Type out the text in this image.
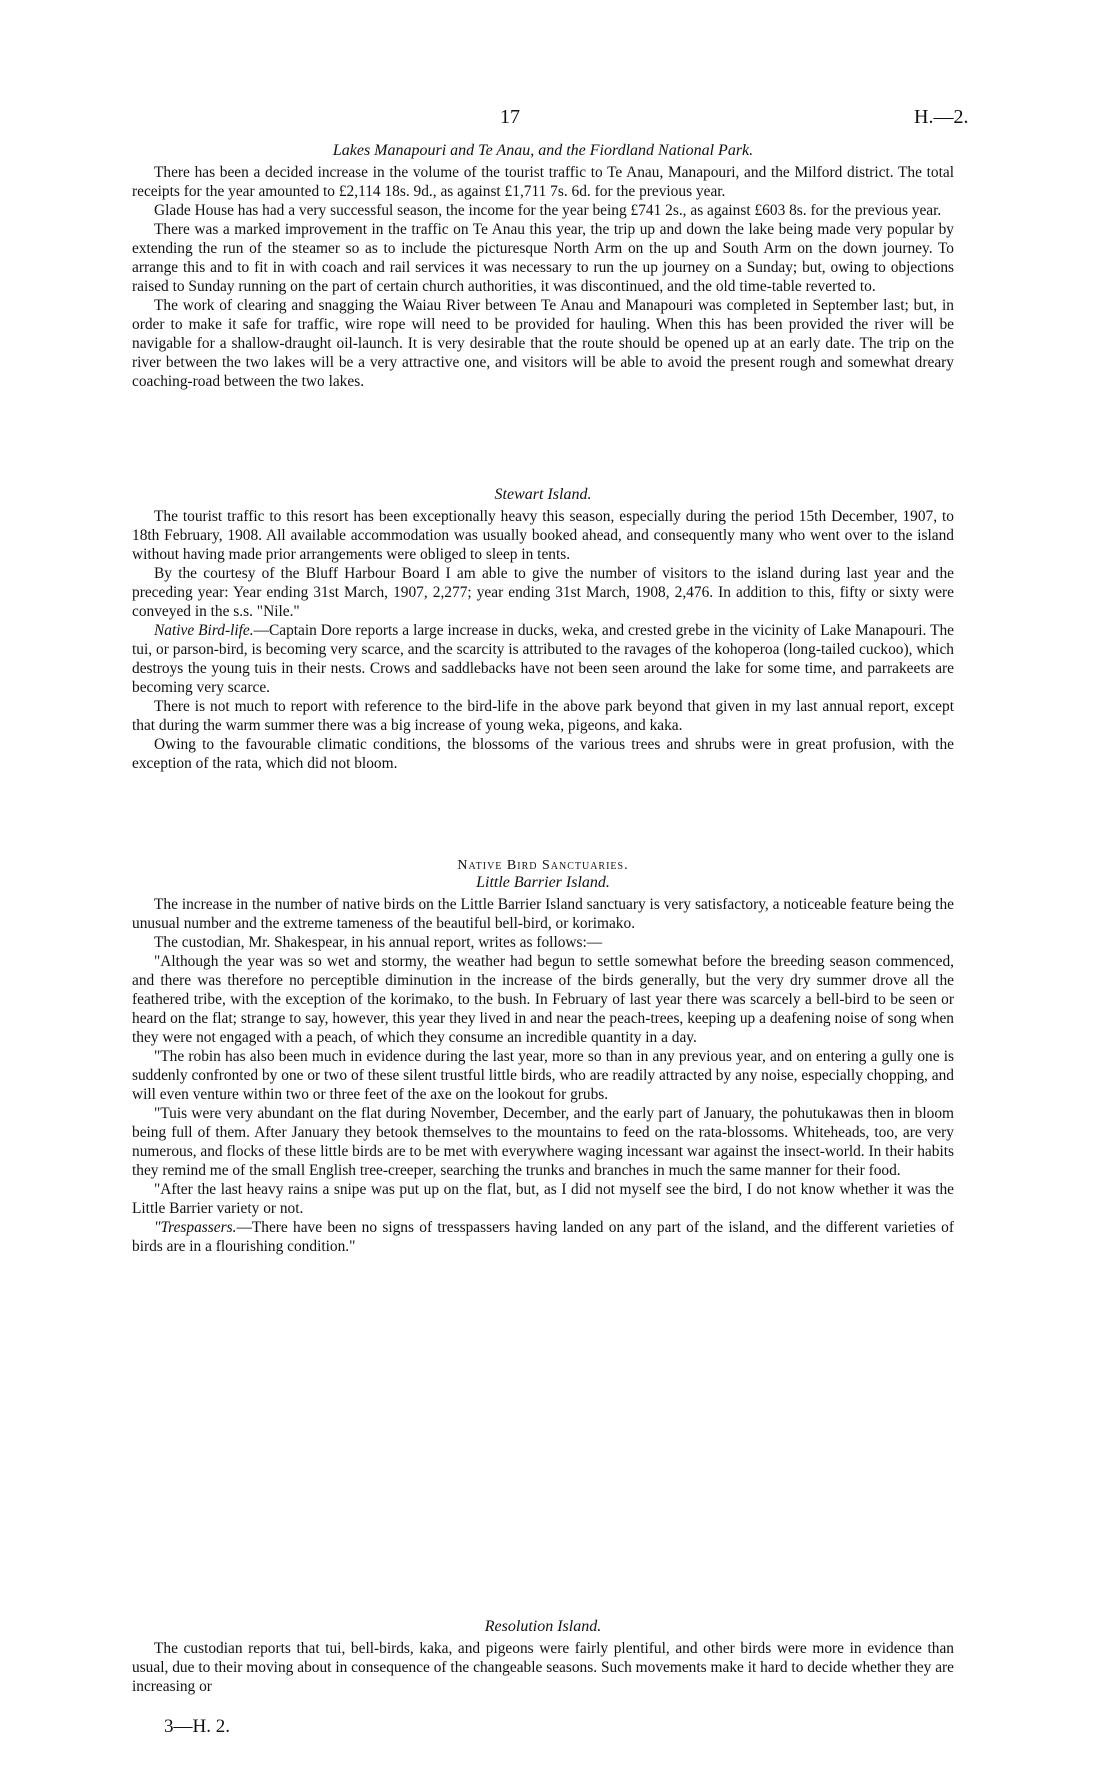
17	H.—2.
Lakes Manapouri and Te Anau, and the Fiordland National Park.

There has been a decided increase in the volume of the tourist traffic to Te Anau, Manapouri, and the Milford district. The total receipts for the year amounted to £2,114 18s. 9d., as against £1,711 7s. 6d. for the previous year.

Glade House has had a very successful season, the income for the year being £741 2s., as against £603 8s. for the previous year.

There was a marked improvement in the traffic on Te Anau this year, the trip up and down the lake being made very popular by extending the run of the steamer so as to include the picturesque North Arm on the up and South Arm on the down journey. To arrange this and to fit in with coach and rail services it was necessary to run the up journey on a Sunday; but, owing to objections raised to Sunday running on the part of certain church authorities, it was discontinued, and the old time-table reverted to.

The work of clearing and snagging the Waiau River between Te Anau and Manapouri was completed in September last; but, in order to make it safe for traffic, wire rope will need to be provided for hauling. When this has been provided the river will be navigable for a shallow-draught oil-launch. It is very desirable that the route should be opened up at an early date. The trip on the river between the two lakes will be a very attractive one, and visitors will be able to avoid the present rough and somewhat dreary coaching-road between the two lakes.

Stewart Island.

The tourist traffic to this resort has been exceptionally heavy this season, especially during the period 15th December, 1907, to 18th February, 1908. All available accommodation was usually booked ahead, and consequently many who went over to the island without having made prior arrangements were obliged to sleep in tents.

By the courtesy of the Bluff Harbour Board I am able to give the number of visitors to the island during last year and the preceding year: Year ending 31st March, 1907, 2,277; year ending 31st March, 1908, 2,476. In addition to this, fifty or sixty were conveyed in the s.s. "Nile."

Native Bird-life.—Captain Dore reports a large increase in ducks, weka, and crested grebe in the vicinity of Lake Manapouri. The tui, or parson-bird, is becoming very scarce, and the scarcity is attributed to the ravages of the kohoperoa (long-tailed cuckoo), which destroys the young tuis in their nests. Crows and saddlebacks have not been seen around the lake for some time, and parrakeets are becoming very scarce.

There is not much to report with reference to the bird-life in the above park beyond that given in my last annual report, except that during the warm summer there was a big increase of young weka, pigeons, and kaka.

Owing to the favourable climatic conditions, the blossoms of the various trees and shrubs were in great profusion, with the exception of the rata, which did not bloom.

Native Bird Sanctuaries.
Little Barrier Island.

The increase in the number of native birds on the Little Barrier Island sanctuary is very satisfactory, a noticeable feature being the unusual number and the extreme tameness of the beautiful bell-bird, or korimako.

The custodian, Mr. Shakespear, in his annual report, writes as follows:—

"Although the year was so wet and stormy, the weather had begun to settle somewhat before the breeding season commenced, and there was therefore no perceptible diminution in the increase of the birds generally, but the very dry summer drove all the feathered tribe, with the exception of the korimako, to the bush. In February of last year there was scarcely a bell-bird to be seen or heard on the flat; strange to say, however, this year they lived in and near the peach-trees, keeping up a deafening noise of song when they were not engaged with a peach, of which they consume an incredible quantity in a day.

"The robin has also been much in evidence during the last year, more so than in any previous year, and on entering a gully one is suddenly confronted by one or two of these silent trustful little birds, who are readily attracted by any noise, especially chopping, and will even venture within two or three feet of the axe on the lookout for grubs.

"Tuis were very abundant on the flat during November, December, and the early part of January, the pohutukawas then in bloom being full of them. After January they betook themselves to the mountains to feed on the rata-blossoms. Whiteheads, too, are very numerous, and flocks of these little birds are to be met with everywhere waging incessant war against the insect-world. In their habits they remind me of the small English tree-creeper, searching the trunks and branches in much the same manner for their food.

"After the last heavy rains a snipe was put up on the flat, but, as I did not myself see the bird, I do not know whether it was the Little Barrier variety or not.

"Trespassers.—There have been no signs of tresspassers having landed on any part of the island, and the different varieties of birds are in a flourishing condition."

Resolution Island.

The custodian reports that tui, bell-birds, kaka, and pigeons were fairly plentiful, and other birds were more in evidence than usual, due to their moving about in consequence of the changeable seasons. Such movements make it hard to decide whether they are increasing or

3—H. 2.
